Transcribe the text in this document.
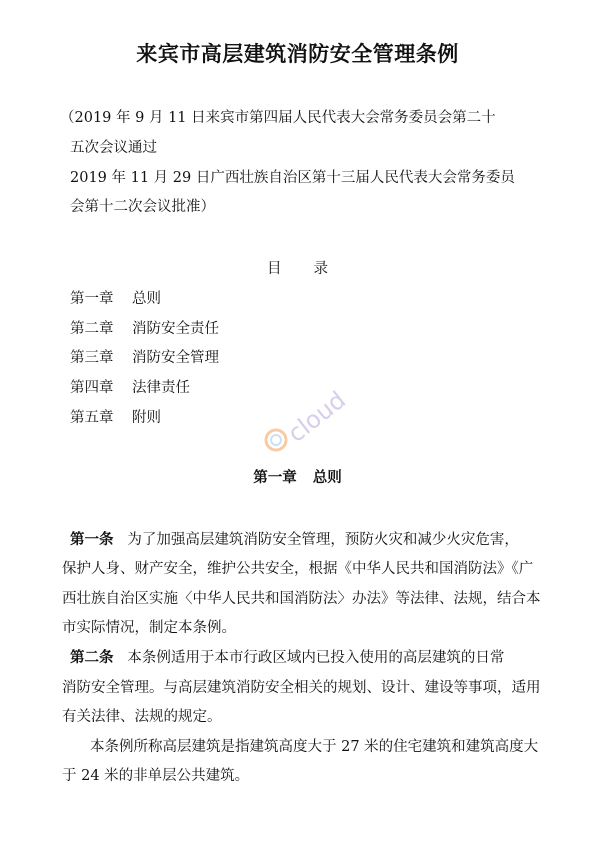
来宾市高层建筑消防安全管理条例
（2019 年 9 月 11 日来宾市第四届人民代表大会常务委员会第二十
五次会议通过
2019 年 11 月 29 日广西壮族自治区第十三届人民代表大会常务委员
会第十二次会议批准）
目 录
第一章 总则
第二章 消防安全责任
第三章 消防安全管理
第四章 法律责任
第五章 附则	cloud
第一章 总则
第一条 为了加强高层建筑消防安全管理，预防火灾和减少火灾危害，
保护人身、财产安全，维护公共安全，根据《中华人民共和国消防法》《广
西壮族自治区实施〈中华人民共和国消防法〉办法》等法律、法规，结合本
市实际情况，制定本条例。
第二条 本条例适用于本市行政区域内已投入使用的高层建筑的日常
消防安全管理。与高层建筑消防安全相关的规划、设计、建设等事项，适用
有关法律、法规的规定。
本条例所称高层建筑是指建筑高度大于 27 米的住宅建筑和建筑高度大
于 24 米的非单层公共建筑。
